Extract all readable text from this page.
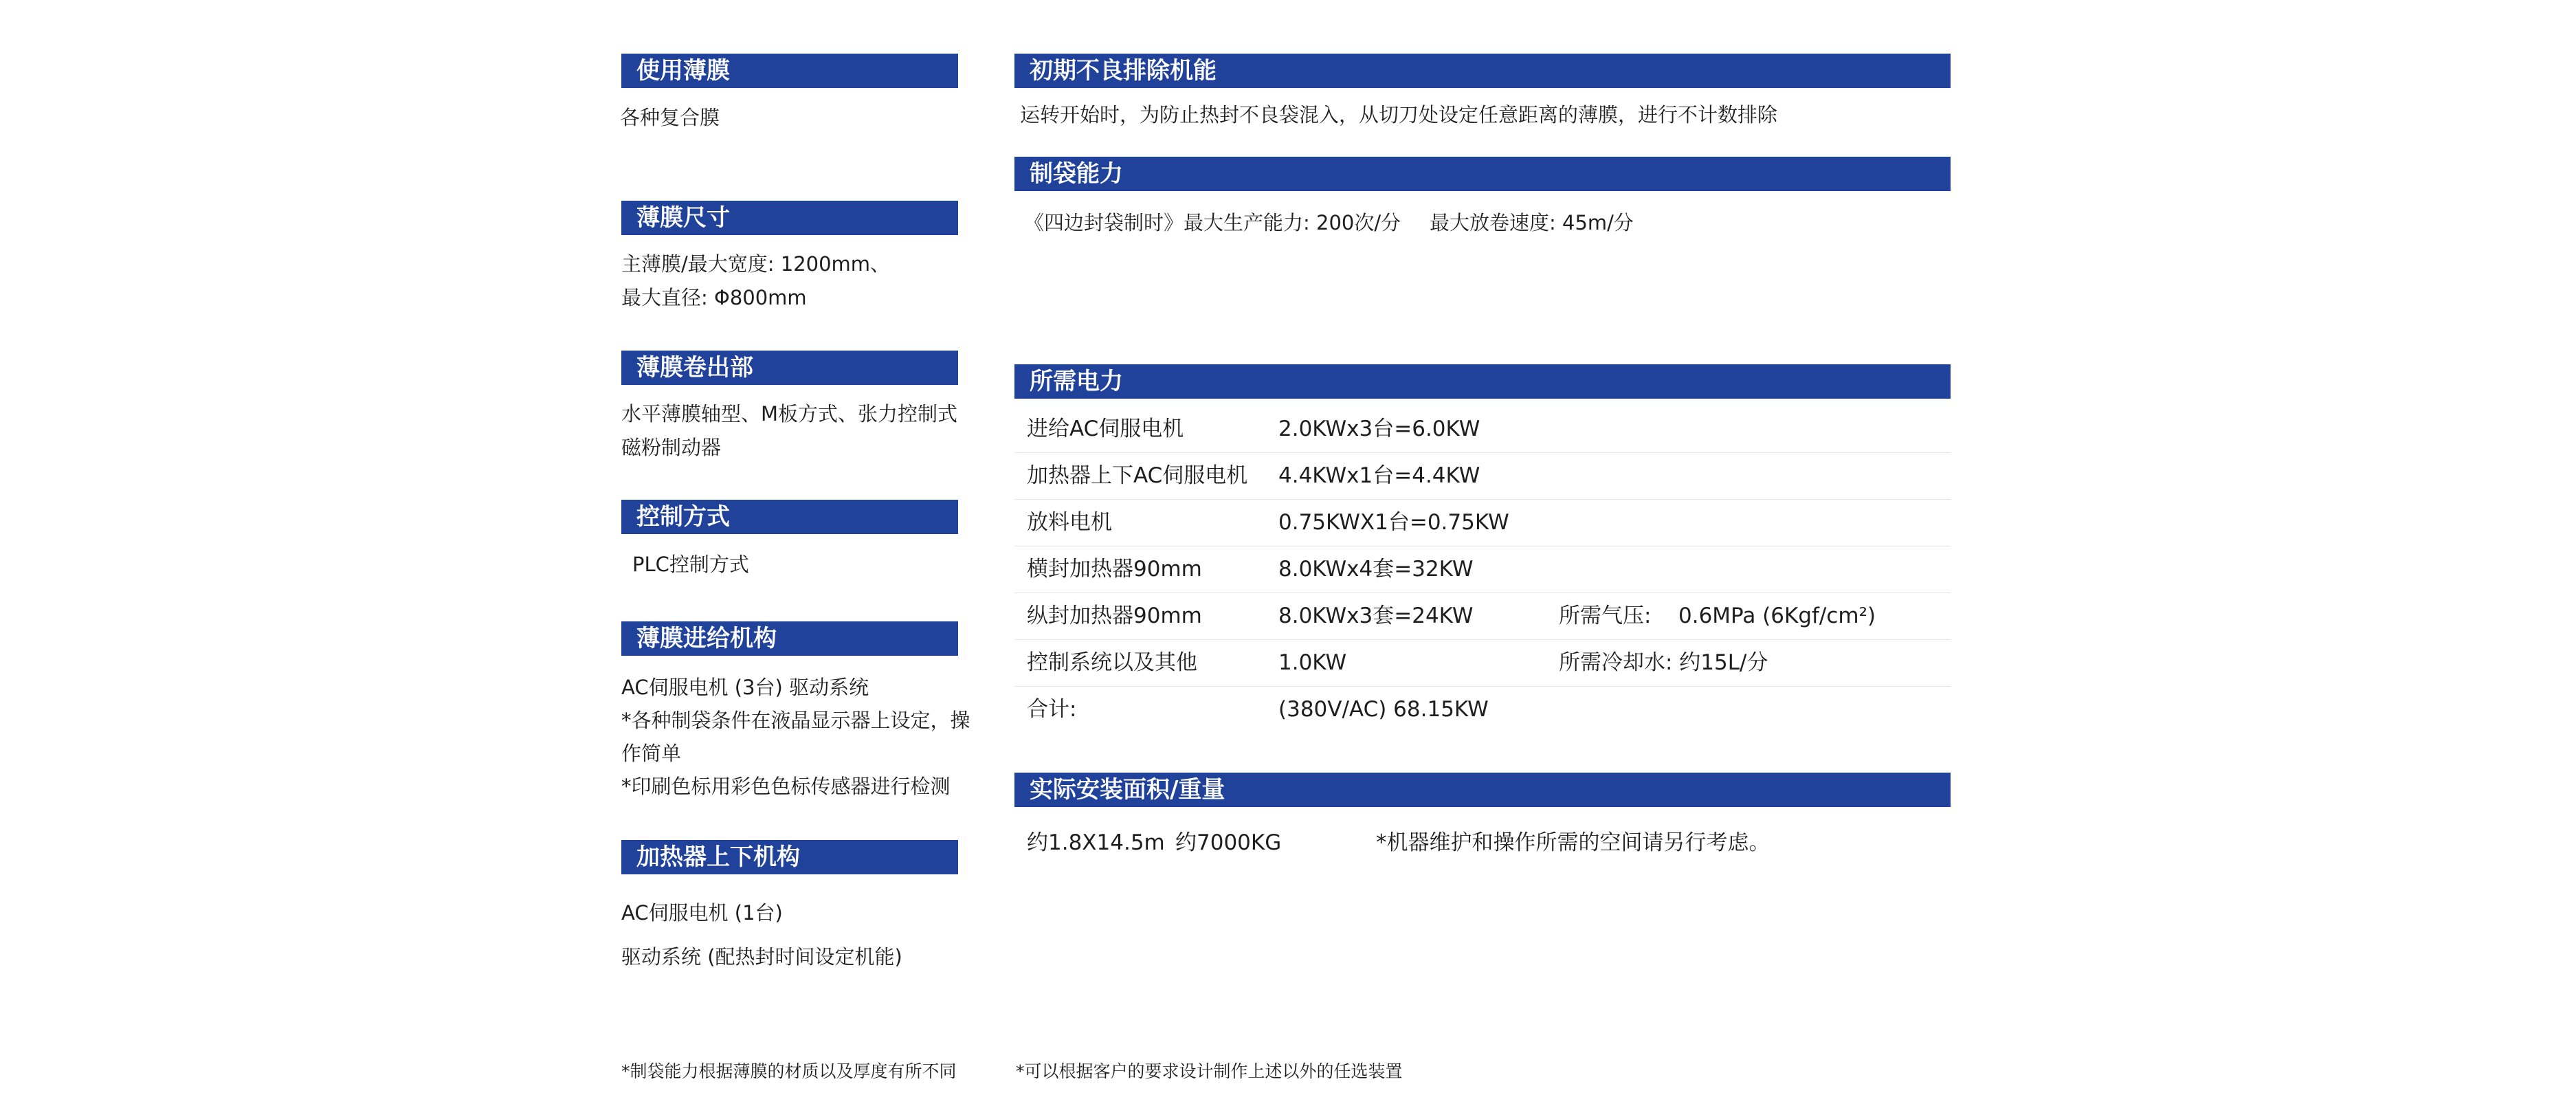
使用薄膜
各种复合膜
薄膜尺寸
主薄膜/最大宽度: 1200mm、
最大直径: Φ800mm
薄膜卷出部
水平薄膜轴型、M板方式、张力控制式
磁粉制动器
控制方式
PLC控制方式
薄膜进给机构
AC伺服电机 (3台) 驱动系统
*各种制袋条件在液晶显示器上设定，操
作简单
*印刷色标用彩色色标传感器进行检测
加热器上下机构
AC伺服电机 (1台)
驱动系统 (配热封时间设定机能)
初期不良排除机能
运转开始时，为防止热封不良袋混入，从切刀处设定任意距离的薄膜，进行不计数排除
制袋能力
《四边封袋制时》最大生产能力: 200次/分 最大放卷速度: 45m/分
所需电力
进给AC伺服电机	2.0KWx3台=6.0KW
加热器上下AC伺服电机 4.4KWx1台=4.4KW
放料电机	0.75KWX1台=0.75KW
横封加热器90mm	8.0KWx4套=32KW
纵封加热器90mm	8.0KWx3套=24KW	所需气压: 0.6MPa (6Kgf/cm²)
控制系统以及其他	1.0KW	所需冷却水: 约15L/分
合计:	(380V/AC) 68.15KW
实际安装面积/重量
约1.8X14.5m 约7000KG	*机器维护和操作所需的空间请另行考虑。
*制袋能力根据薄膜的材质以及厚度有所不同	*可以根据客户的要求设计制作上述以外的任选装置
